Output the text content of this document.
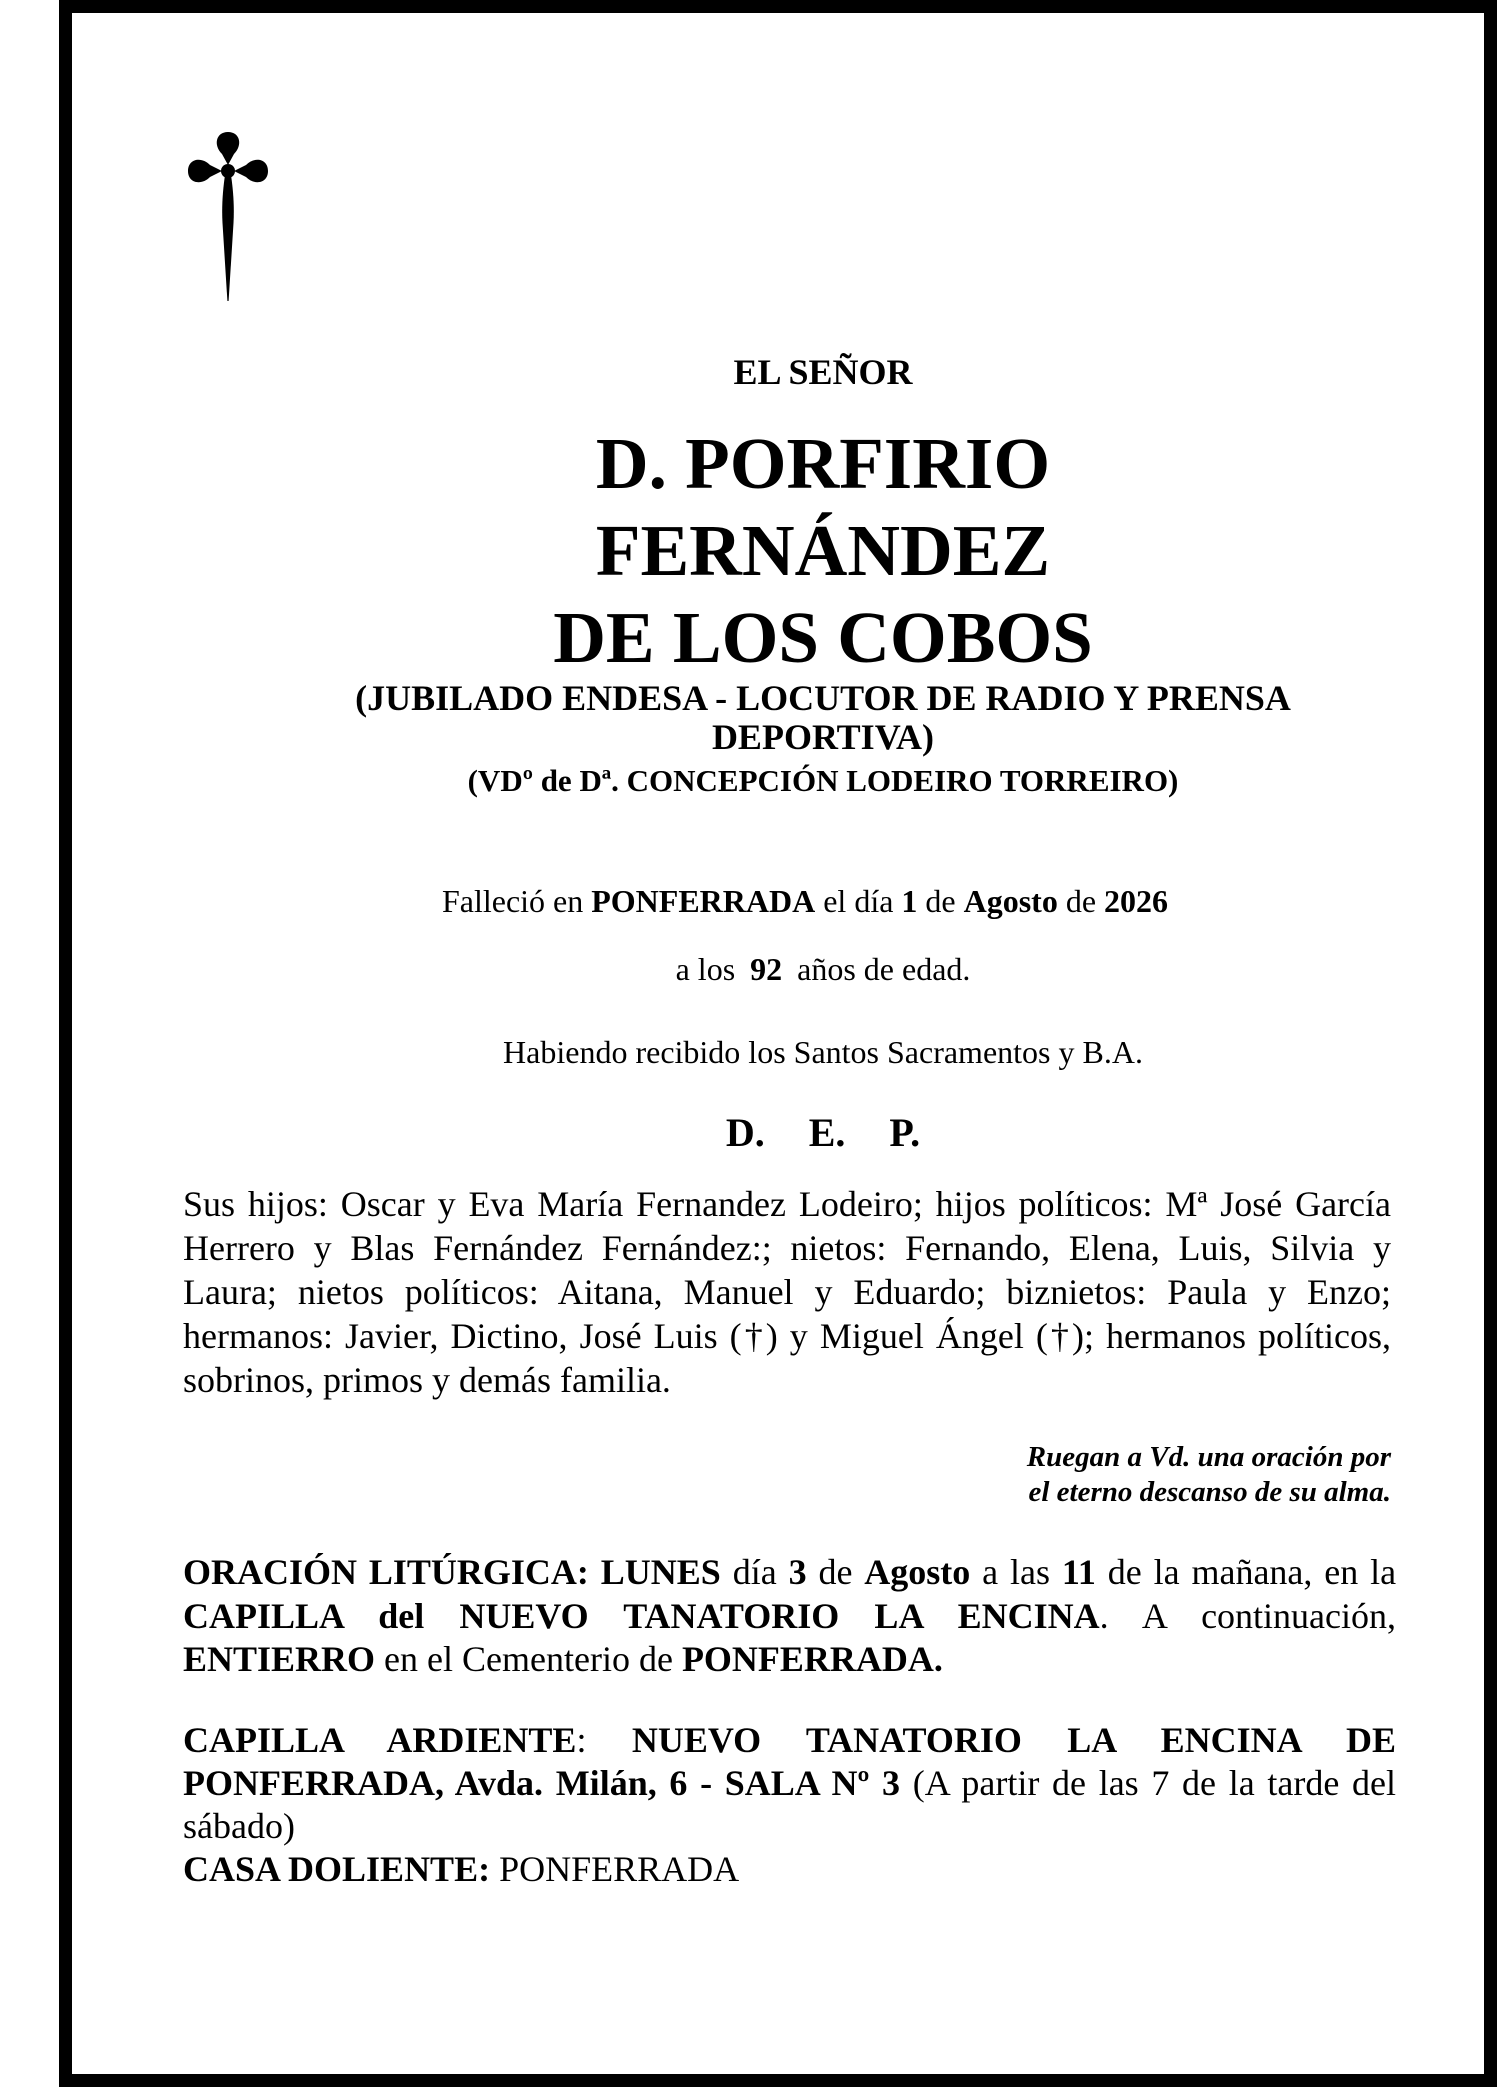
EL SEÑOR
D. PORFIRIO
FERNÁNDEZ
DE LOS COBOS
(JUBILADO ENDESA - LOCUTOR DE RADIO Y PRENSA
DEPORTIVA)
(VDº de Dª. CONCEPCIÓN LODEIRO TORREIRO)
Falleció en PONFERRADA el día 1 de Agosto de 2026
a los 92 años de edad.
Habiendo recibido los Santos Sacramentos y B.A.
D. E. P.
Sus hijos: Oscar y Eva María Fernandez Lodeiro; hijos políticos: Mª José García
Herrero y Blas Fernández Fernández:; nietos: Fernando, Elena, Luis, Silvia y
Laura; nietos políticos: Aitana, Manuel y Eduardo; biznietos: Paula y Enzo;
hermanos: Javier, Dictino, José Luis (†) y Miguel Ángel (†); hermanos políticos,
sobrinos, primos y demás familia.
Ruegan a Vd. una oración por
el eterno descanso de su alma.
ORACIÓN LITÚRGICA: LUNES día 3 de Agosto a las 11 de la mañana, en la
CAPILLA del NUEVO TANATORIO LA ENCINA. A continuación,
ENTIERRO en el Cementerio de PONFERRADA.
CAPILLA ARDIENTE: NUEVO TANATORIO LA ENCINA DE
PONFERRADA, Avda. Milán, 6 - SALA Nº 3 (A partir de las 7 de la tarde del
sábado)
CASA DOLIENTE: PONFERRADA
